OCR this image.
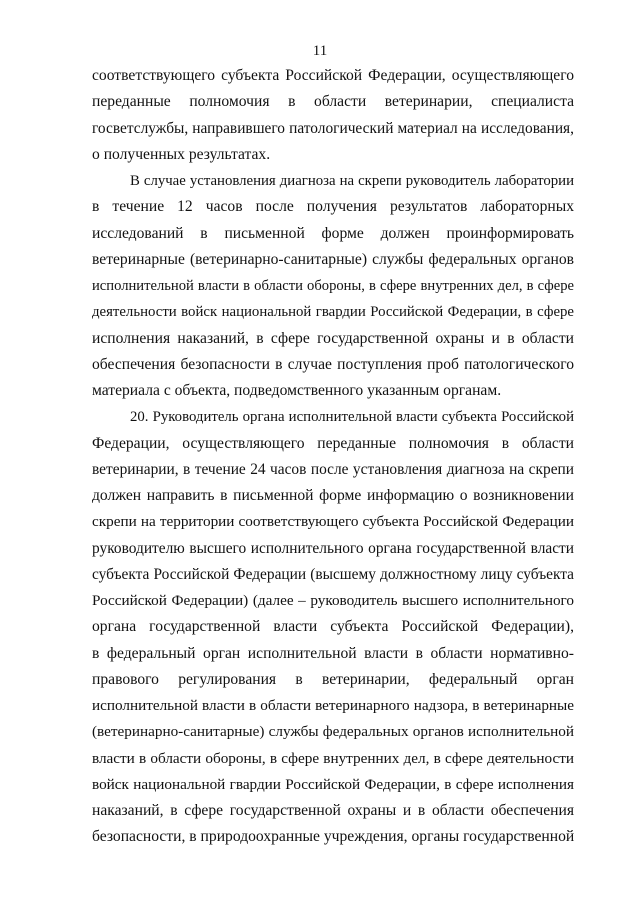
11
соответствующего субъекта Российской Федерации, осуществляющего
переданные полномочия в области ветеринарии, специалиста
госветслужбы, направившего патологический материал на исследования,
о полученных результатах.
В случае установления диагноза на скрепи руководитель лаборатории
в течение 12 часов после получения результатов лабораторных
исследований в письменной форме должен проинформировать
ветеринарные (ветеринарно-санитарные) службы федеральных органов
исполнительной власти в области обороны, в сфере внутренних дел, в сфере
деятельности войск национальной гвардии Российской Федерации, в сфере
исполнения наказаний, в сфере государственной охраны и в области
обеспечения безопасности в случае поступления проб патологического
материала с объекта, подведомственного указанным органам.
20. Руководитель органа исполнительной власти субъекта Российской
Федерации, осуществляющего переданные полномочия в области
ветеринарии, в течение 24 часов после установления диагноза на скрепи
должен направить в письменной форме информацию о возникновении
скрепи на территории соответствующего субъекта Российской Федерации
руководителю высшего исполнительного органа государственной власти
субъекта Российской Федерации (высшему должностному лицу субъекта
Российской Федерации) (далее – руководитель высшего исполнительного
органа государственной власти субъекта Российской Федерации),
в федеральный орган исполнительной власти в области нормативно-
правового регулирования в ветеринарии, федеральный орган
исполнительной власти в области ветеринарного надзора, в ветеринарные
(ветеринарно-санитарные) службы федеральных органов исполнительной
власти в области обороны, в сфере внутренних дел, в сфере деятельности
войск национальной гвардии Российской Федерации, в сфере исполнения
наказаний, в сфере государственной охраны и в области обеспечения
безопасности, в природоохранные учреждения, органы государственной
